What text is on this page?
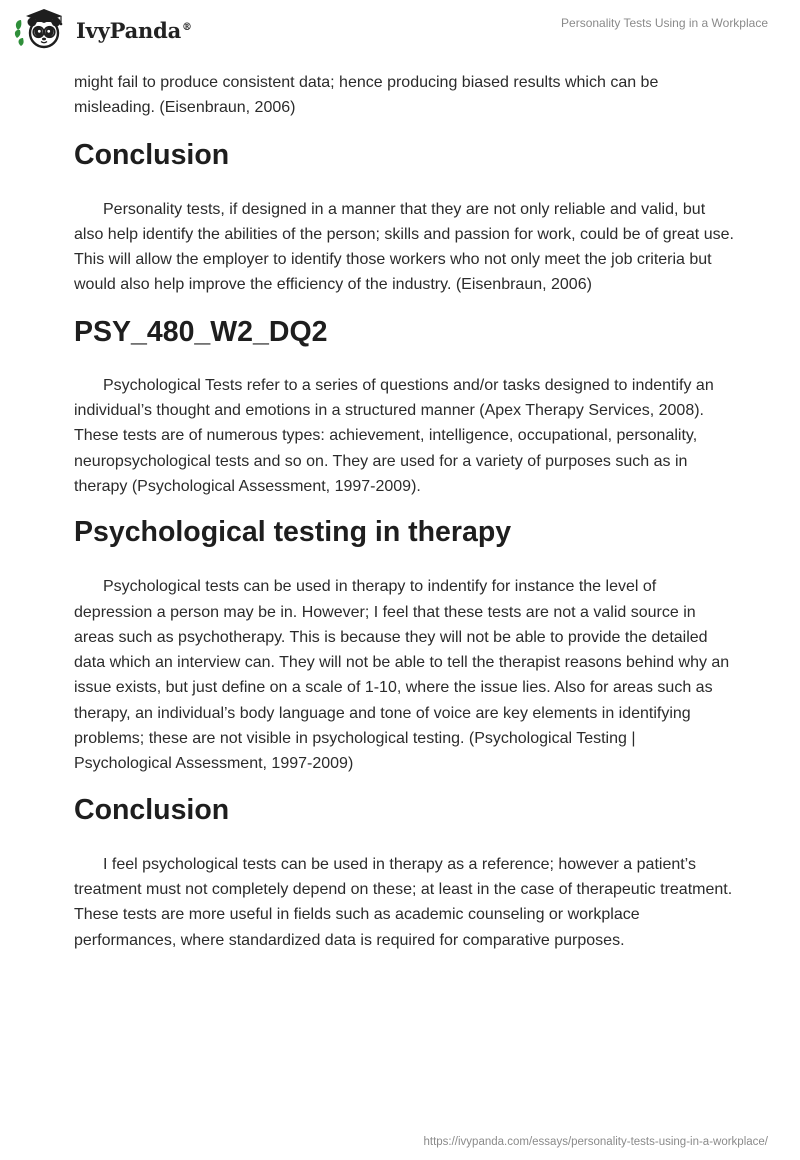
IvyPanda®	Personality Tests Using in a Workplace

might fail to produce consistent data; hence producing biased results which can be misleading. (Eisenbraun, 2006)

Conclusion

Personality tests, if designed in a manner that they are not only reliable and valid, but also help identify the abilities of the person; skills and passion for work, could be of great use. This will allow the employer to identify those workers who not only meet the job criteria but would also help improve the efficiency of the industry. (Eisenbraun, 2006)

PSY_480_W2_DQ2

Psychological Tests refer to a series of questions and/or tasks designed to indentify an individual’s thought and emotions in a structured manner (Apex Therapy Services, 2008). These tests are of numerous types: achievement, intelligence, occupational, personality, neuropsychological tests and so on. They are used for a variety of purposes such as in therapy (Psychological Assessment, 1997-2009).

Psychological testing in therapy

Psychological tests can be used in therapy to indentify for instance the level of depression a person may be in. However; I feel that these tests are not a valid source in areas such as psychotherapy. This is because they will not be able to provide the detailed data which an interview can. They will not be able to tell the therapist reasons behind why an issue exists, but just define on a scale of 1-10, where the issue lies. Also for areas such as therapy, an individual’s body language and tone of voice are key elements in identifying problems; these are not visible in psychological testing. (Psychological Testing | Psychological Assessment, 1997-2009)

Conclusion

I feel psychological tests can be used in therapy as a reference; however a patient’s treatment must not completely depend on these; at least in the case of therapeutic treatment. These tests are more useful in fields such as academic counseling or workplace performances, where standardized data is required for comparative purposes.

https://ivypanda.com/essays/personality-tests-using-in-a-workplace/
